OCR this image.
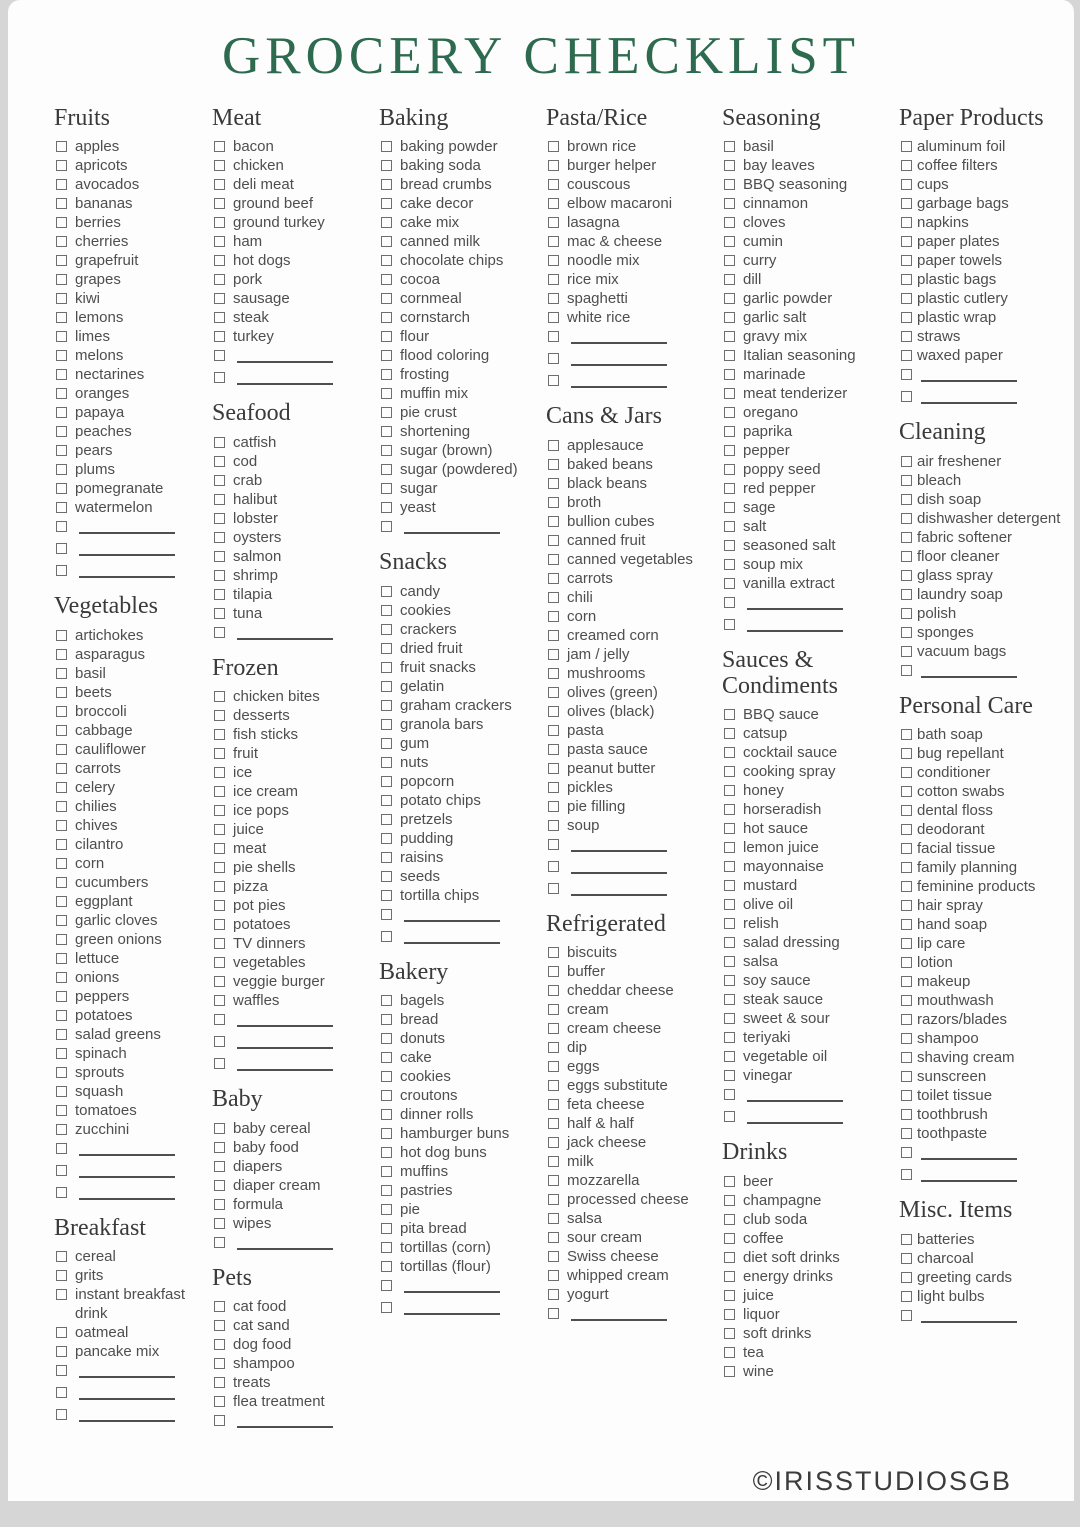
GROCERY CHECKLIST
Fruits
apples
apricots
avocados
bananas
berries
cherries
grapefruit
grapes
kiwi
lemons
limes
melons
nectarines
oranges
papaya
peaches
pears
plums
pomegranate
watermelon
Vegetables
artichokes
asparagus
basil
beets
broccoli
cabbage
cauliflower
carrots
celery
chilies
chives
cilantro
corn
cucumbers
eggplant
garlic cloves
green onions
lettuce
onions
peppers
potatoes
salad greens
spinach
sprouts
squash
tomatoes
zucchini
Breakfast
cereal
grits
instant breakfast drink
oatmeal
pancake mix
Meat
bacon
chicken
deli meat
ground beef
ground turkey
ham
hot dogs
pork
sausage
steak
turkey
Seafood
catfish
cod
crab
halibut
lobster
oysters
salmon
shrimp
tilapia
tuna
Frozen
chicken bites
desserts
fish sticks
fruit
ice
ice cream
ice pops
juice
meat
pie shells
pizza
pot pies
potatoes
TV dinners
vegetables
veggie burger
waffles
Baby
baby cereal
baby food
diapers
diaper cream
formula
wipes
Pets
cat food
cat sand
dog food
shampoo
treats
flea treatment
Baking
baking powder
baking soda
bread crumbs
cake decor
cake mix
canned milk
chocolate chips
cocoa
cornmeal
cornstarch
flour
flood coloring
frosting
muffin mix
pie crust
shortening
sugar (brown)
sugar (powdered)
sugar
yeast
Snacks
candy
cookies
crackers
dried fruit
fruit snacks
gelatin
graham crackers
granola bars
gum
nuts
popcorn
potato chips
pretzels
pudding
raisins
seeds
tortilla chips
Bakery
bagels
bread
donuts
cake
cookies
croutons
dinner rolls
hamburger buns
hot dog buns
muffins
pastries
pie
pita bread
tortillas (corn)
tortillas (flour)
Pasta/Rice
brown rice
burger helper
couscous
elbow macaroni
lasagna
mac & cheese
noodle mix
rice mix
spaghetti
white rice
Cans & Jars
applesauce
baked beans
black beans
broth
bullion cubes
canned fruit
canned vegetables
carrots
chili
corn
creamed corn
jam / jelly
mushrooms
olives (green)
olives (black)
pasta
pasta sauce
peanut butter
pickles
pie filling
soup
Refrigerated
biscuits
buffer
cheddar cheese
cream
cream cheese
dip
eggs
eggs substitute
feta cheese
half & half
jack cheese
milk
mozzarella
processed cheese
salsa
sour cream
Swiss cheese
whipped cream
yogurt
Seasoning
basil
bay leaves
BBQ seasoning
cinnamon
cloves
cumin
curry
dill
garlic powder
garlic salt
gravy mix
Italian seasoning
marinade
meat tenderizer
oregano
paprika
pepper
poppy seed
red pepper
sage
salt
seasoned salt
soup mix
vanilla extract
Sauces & Condiments
BBQ sauce
catsup
cocktail sauce
cooking spray
honey
horseradish
hot sauce
lemon juice
mayonnaise
mustard
olive oil
relish
salad dressing
salsa
soy sauce
steak sauce
sweet & sour
teriyaki
vegetable oil
vinegar
Drinks
beer
champagne
club soda
coffee
diet soft drinks
energy drinks
juice
liquor
soft drinks
tea
wine
Paper Products
aluminum foil
coffee filters
cups
garbage bags
napkins
paper plates
paper towels
plastic bags
plastic cutlery
plastic wrap
straws
waxed paper
Cleaning
air freshener
bleach
dish soap
dishwasher detergent
fabric softener
floor cleaner
glass spray
laundry soap
polish
sponges
vacuum bags
Personal Care
bath soap
bug repellant
conditioner
cotton swabs
dental floss
deodorant
facial tissue
family planning
feminine products
hair spray
hand soap
lip care
lotion
makeup
mouthwash
razors/blades
shampoo
shaving cream
sunscreen
toilet tissue
toothbrush
toothpaste
Misc. Items
batteries
charcoal
greeting cards
light bulbs
©IRISSTUDIOSGB
